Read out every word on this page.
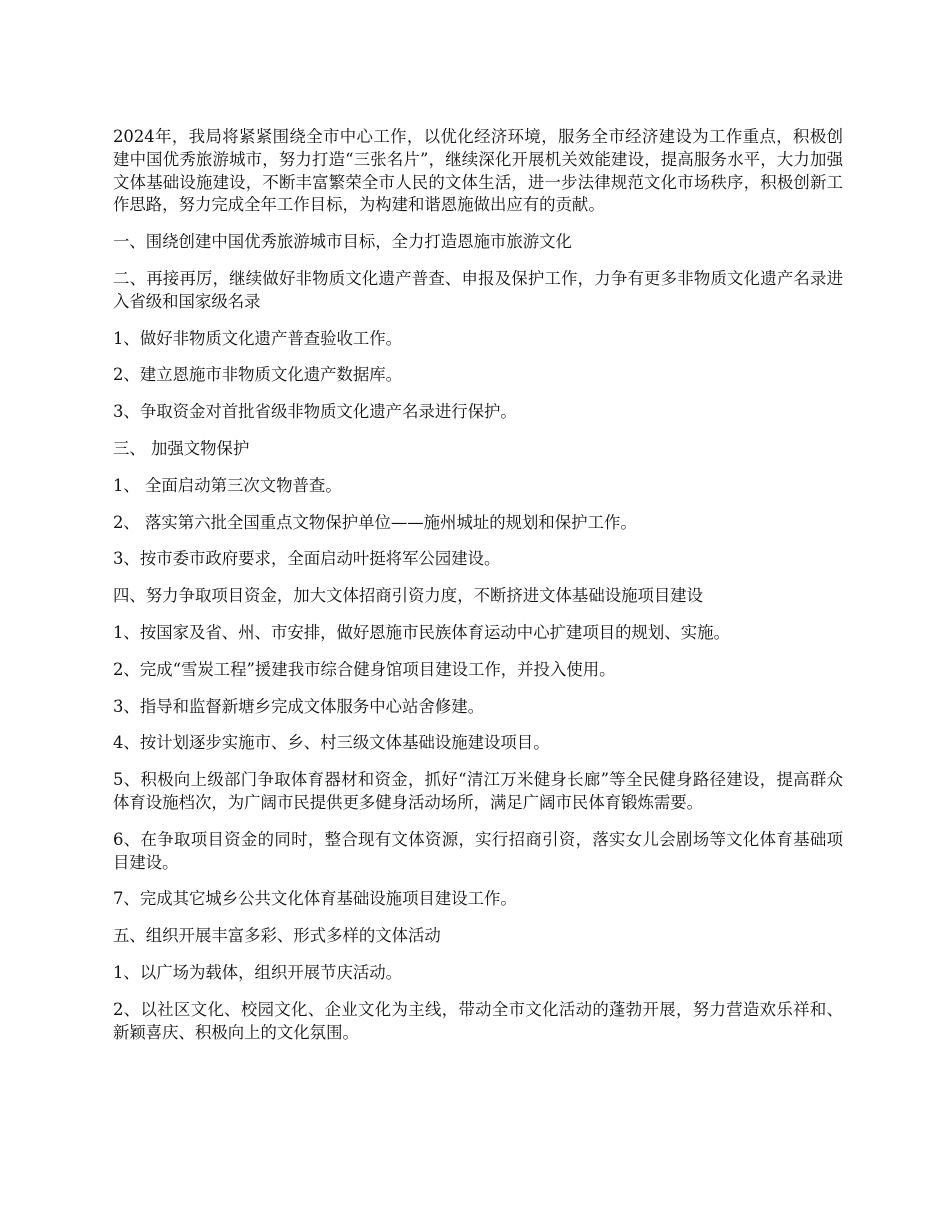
2024年，我局将紧紧围绕全市中心工作，以优化经济环境，服务全市经济建设为工作重点，积极创建中国优秀旅游城市，努力打造“三张名片”，继续深化开展机关效能建设，提高服务水平，大力加强文体基础设施建设，不断丰富繁荣全市人民的文体生活，进一步法律规范文化市场秩序，积极创新工作思路，努力完成全年工作目标，为构建和谐恩施做出应有的贡献。

一、围绕创建中国优秀旅游城市目标，全力打造恩施市旅游文化

二、再接再厉，继续做好非物质文化遗产普查、申报及保护工作，力争有更多非物质文化遗产名录进入省级和国家级名录

1、做好非物质文化遗产普查验收工作。

2、建立恩施市非物质文化遗产数据库。

3、争取资金对首批省级非物质文化遗产名录进行保护。

三、 加强文物保护

1、 全面启动第三次文物普查。

2、 落实第六批全国重点文物保护单位——施州城址的规划和保护工作。

3、按市委市政府要求，全面启动叶挺将军公园建设。

四、努力争取项目资金，加大文体招商引资力度，不断挤进文体基础设施项目建设

1、按国家及省、州、市安排，做好恩施市民族体育运动中心扩建项目的规划、实施。

2、完成“雪炭工程”援建我市综合健身馆项目建设工作，并投入使用。

3、指导和监督新塘乡完成文体服务中心站舍修建。

4、按计划逐步实施市、乡、村三级文体基础设施建设项目。

5、积极向上级部门争取体育器材和资金，抓好“清江万米健身长廊”等全民健身路径建设，提高群众体育设施档次，为广阔市民提供更多健身活动场所，满足广阔市民体育锻炼需要。

6、在争取项目资金的同时，整合现有文体资源，实行招商引资，落实女儿会剧场等文化体育基础项目建设。

7、完成其它城乡公共文化体育基础设施项目建设工作。

五、组织开展丰富多彩、形式多样的文体活动

1、以广场为载体，组织开展节庆活动。

2、以社区文化、校园文化、企业文化为主线，带动全市文化活动的蓬勃开展，努力营造欢乐祥和、新颖喜庆、积极向上的文化氛围。
